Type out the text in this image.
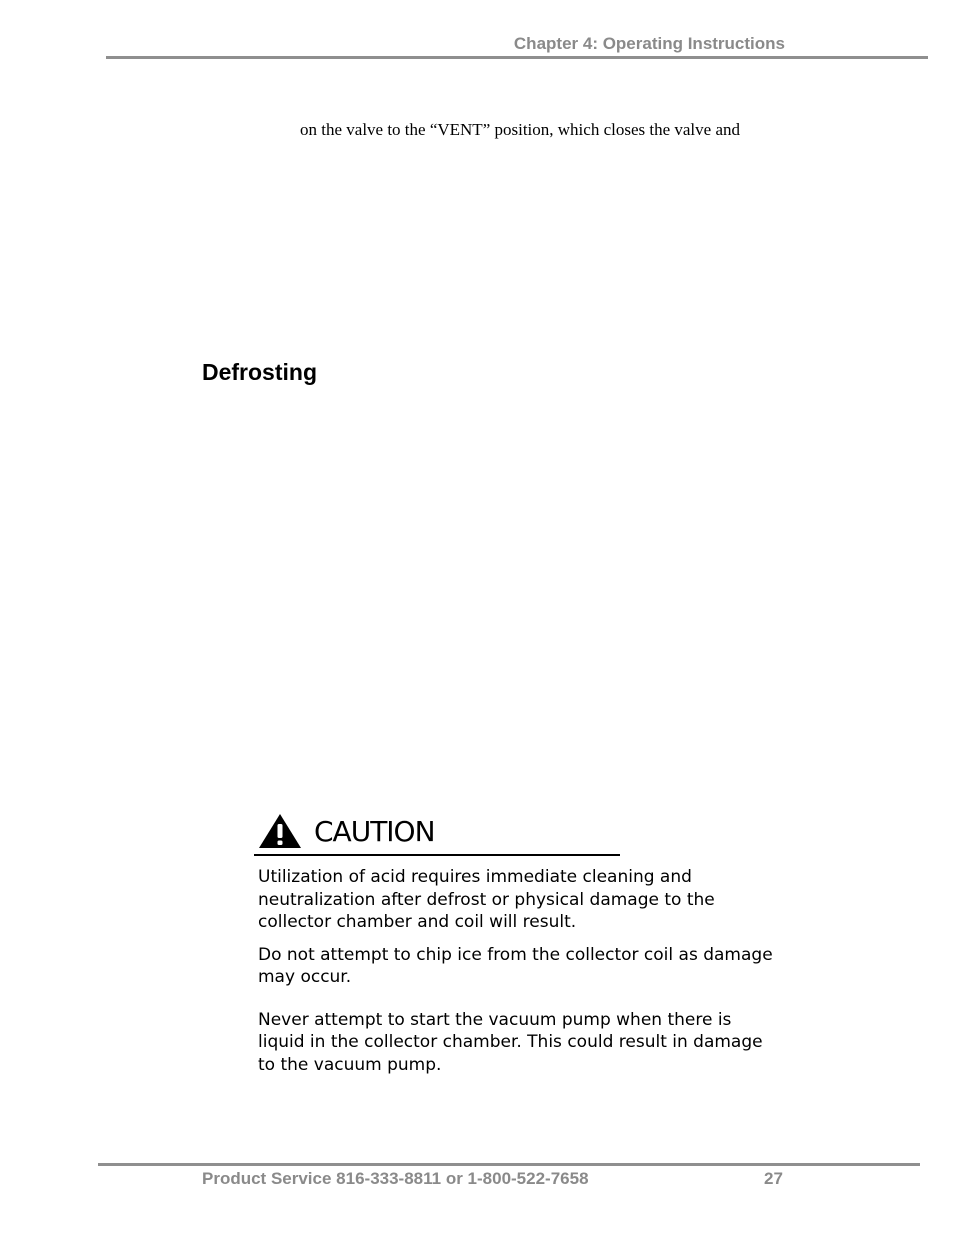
Chapter 4: Operating Instructions
on the valve to the “VENT” position, which closes the valve and
Defrosting
CAUTION

Utilization of acid requires immediate cleaning and neutralization after defrost or physical damage to the collector chamber and coil will result.

Do not attempt to chip ice from the collector coil as damage may occur.

Never attempt to start the vacuum pump when there is liquid in the collector chamber. This could result in damage to the vacuum pump.

Product Service 816-333-8811 or 1-800-522-7658	27
